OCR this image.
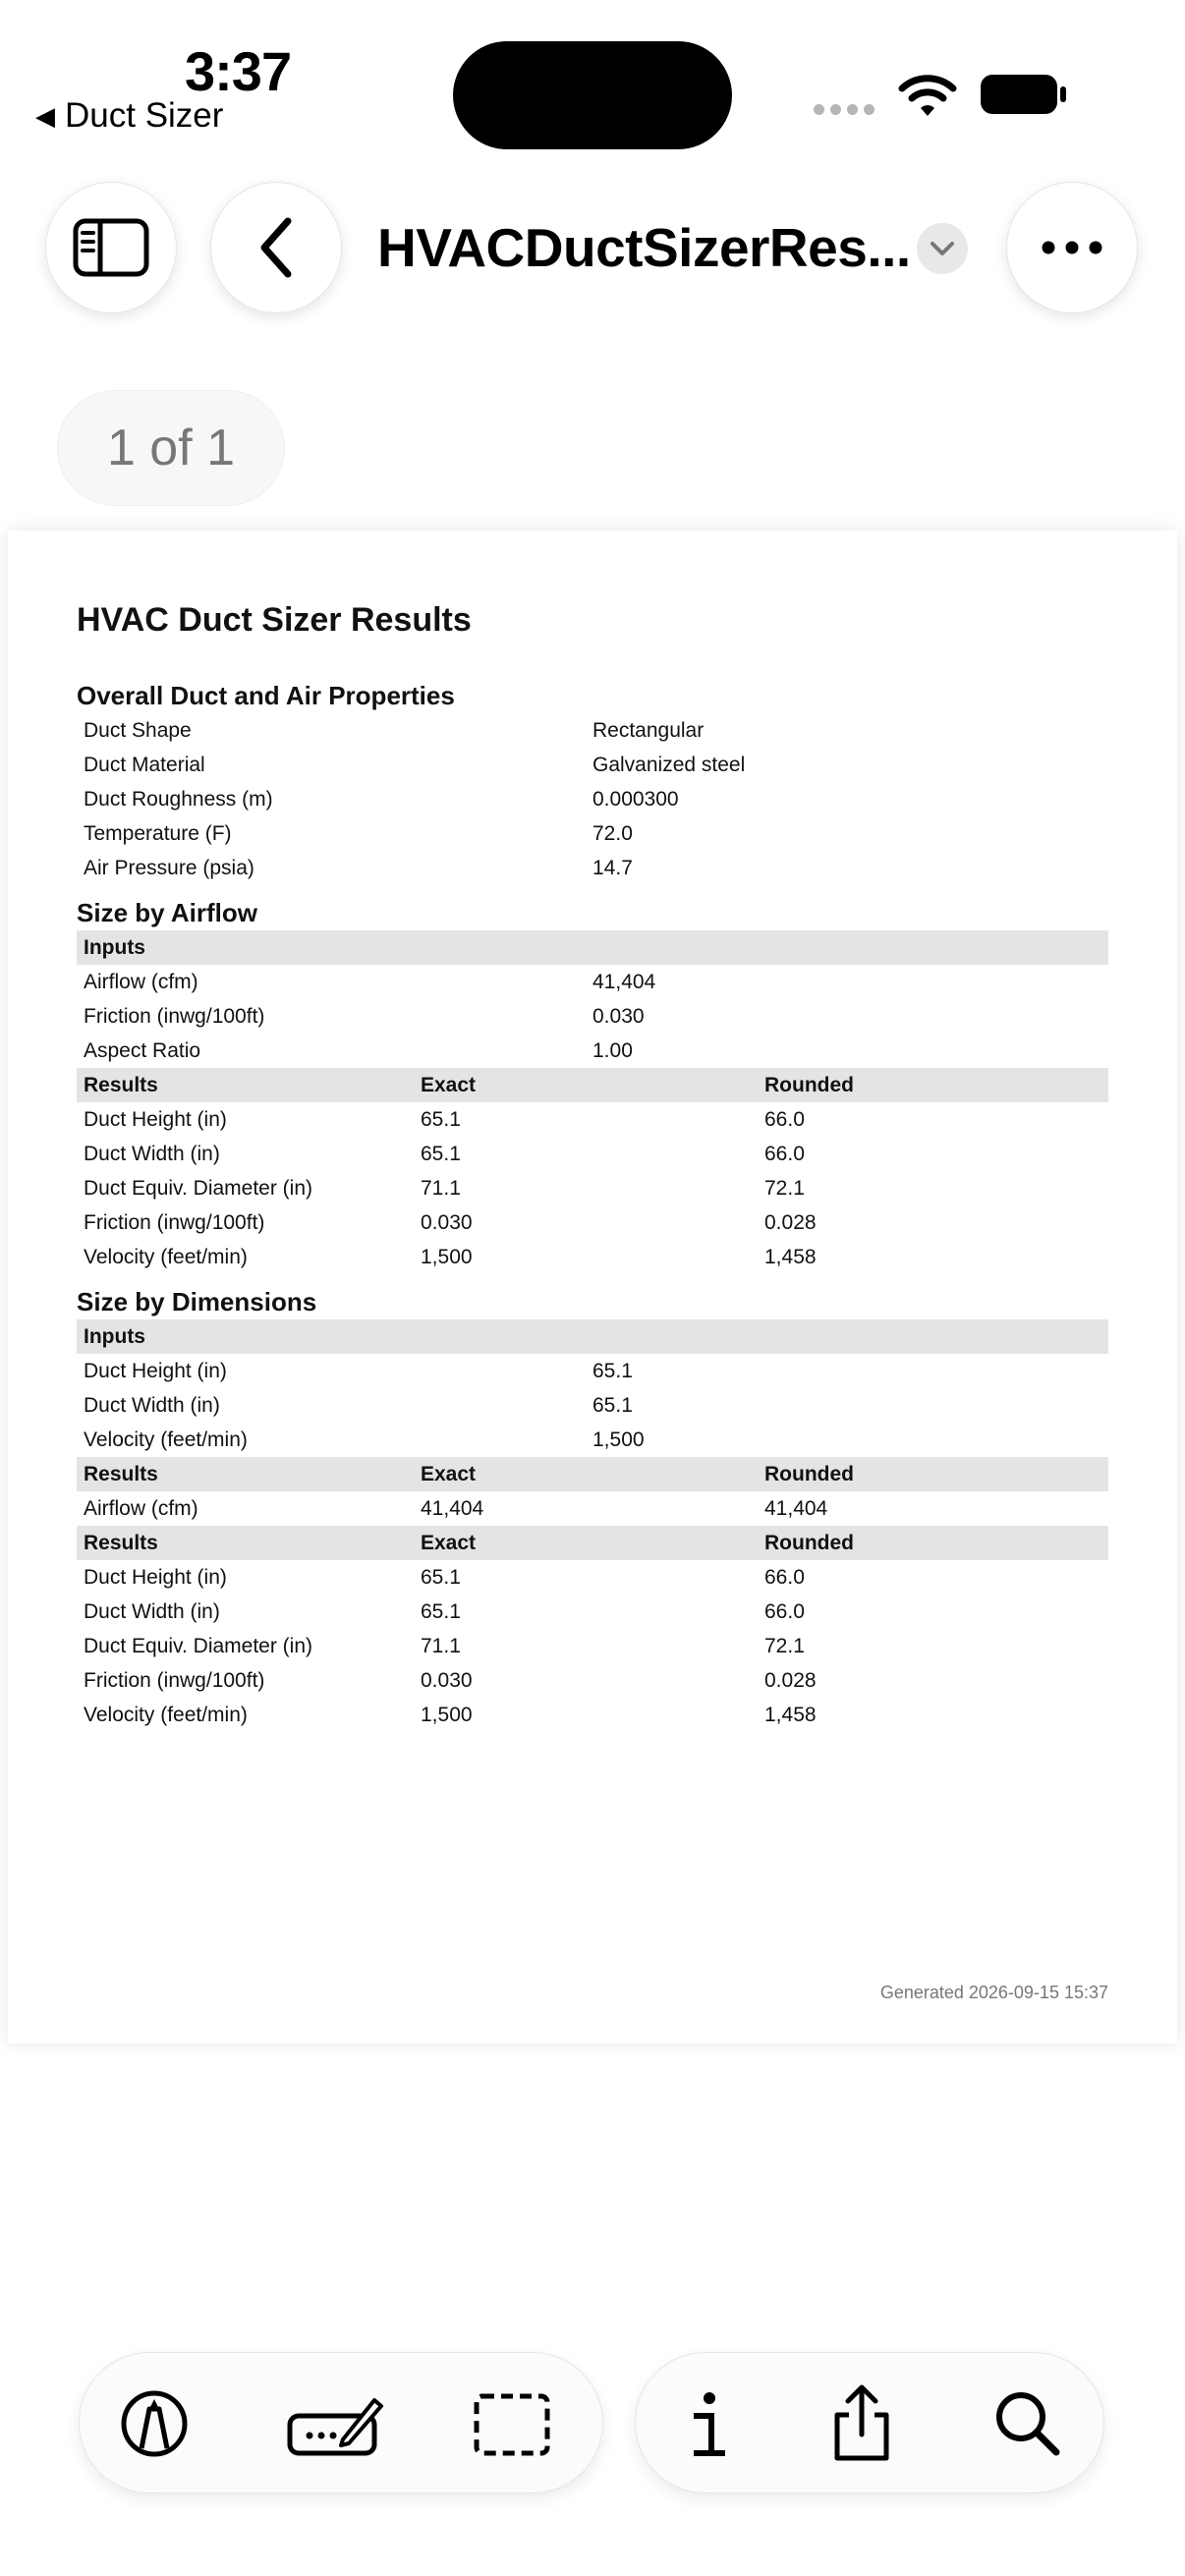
3:37
◀ Duct Sizer
HVACDuctSizerRes...
1 of 1
HVAC Duct Sizer Results
Overall Duct and Air Properties
Duct Shape	Rectangular
Duct Material	Galvanized steel
Duct Roughness (m)	0.000300
Temperature (F)	72.0
Air Pressure (psia)	14.7
Size by Airflow
Inputs
Airflow (cfm)	41,404
Friction (inwg/100ft)	0.030
Aspect Ratio	1.00
Results	Exact	Rounded
Duct Height (in)	65.1	66.0
Duct Width (in)	65.1	66.0
Duct Equiv. Diameter (in)	71.1	72.1
Friction (inwg/100ft)	0.030	0.028
Velocity (feet/min)	1,500	1,458
Size by Dimensions
Inputs
Duct Height (in)	65.1
Duct Width (in)	65.1
Velocity (feet/min)	1,500
Results	Exact	Rounded
Airflow (cfm)	41,404	41,404
Results	Exact	Rounded
Duct Height (in)	65.1	66.0
Duct Width (in)	65.1	66.0
Duct Equiv. Diameter (in)	71.1	72.1
Friction (inwg/100ft)	0.030	0.028
Velocity (feet/min)	1,500	1,458
Generated 2026-09-15 15:37
